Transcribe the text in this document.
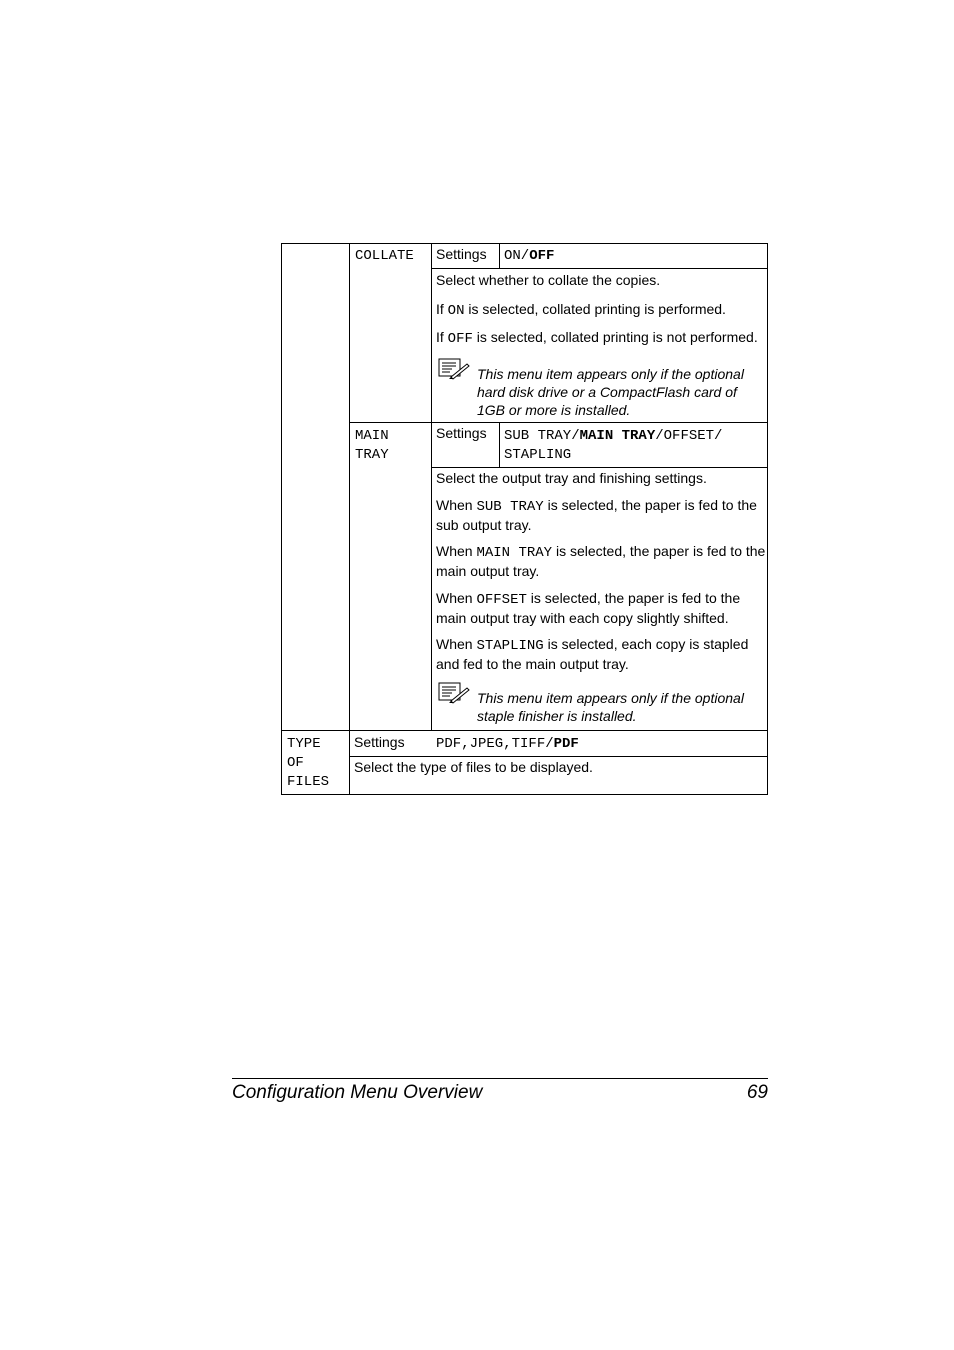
COLLATE Settings ON/OFF
Select whether to collate the copies.
If ON is selected, collated printing is performed.
If OFF is selected, collated printing is not performed.
This menu item appears only if the optional hard disk drive or a CompactFlash card of 1GB or more is installed.
MAIN
TRAY
Settings SUB TRAY/MAIN TRAY/OFFSET/
STAPLING
Select the output tray and finishing settings.
When SUB TRAY is selected, the paper is fed to the sub output tray.
When MAIN TRAY is selected, the paper is fed to the main output tray.
When OFFSET is selected, the paper is fed to the main output tray with each copy slightly shifted.
When STAPLING is selected, each copy is stapled and fed to the main output tray.
This menu item appears only if the optional staple finisher is installed.
TYPE
OF
FILES
Settings PDF,JPEG,TIFF/PDF
Select the type of files to be displayed.
Configuration Menu Overview	69
